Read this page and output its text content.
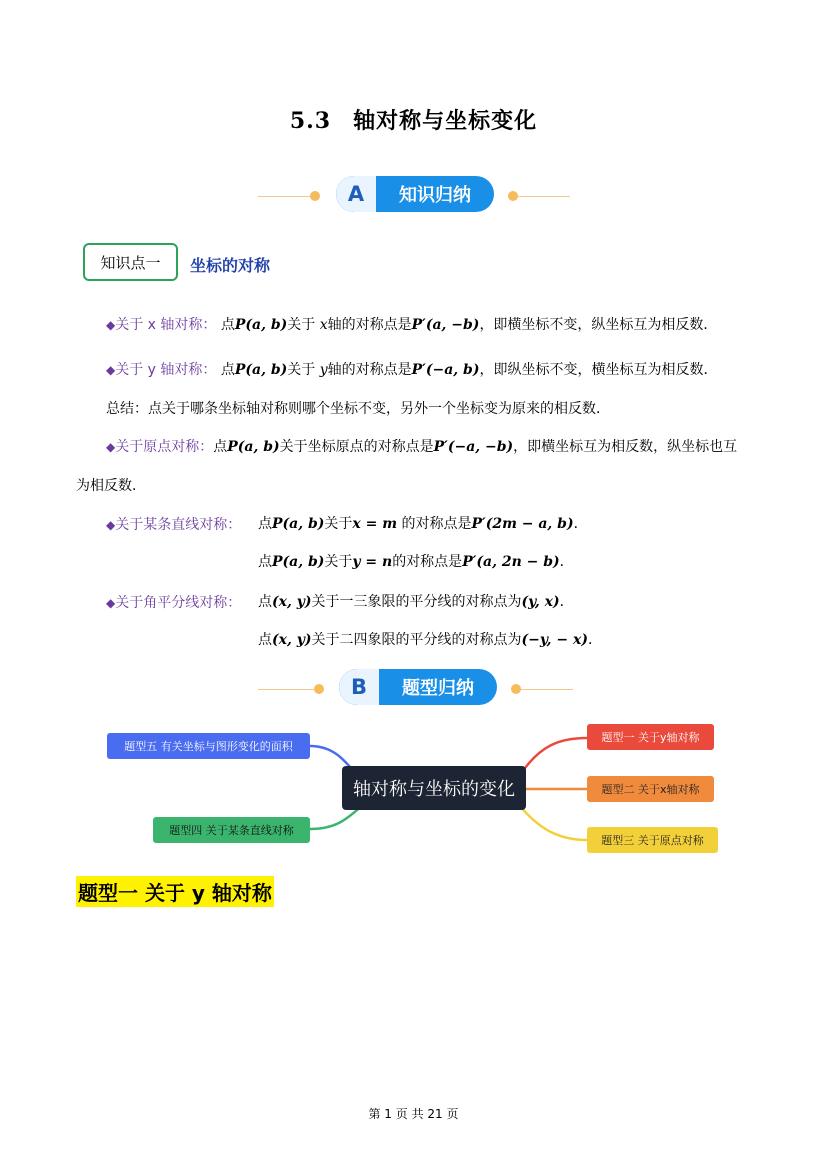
5.3 轴对称与坐标变化
A	知识归纳
知识点一	坐标的对称
◆关于 x 轴对称： 点P(a, b)关于 x轴的对称点是P′(a, −b)，即横坐标不变，纵坐标互为相反数．
◆关于 y 轴对称： 点P(a, b)关于 y轴的对称点是P′(−a, b)，即纵坐标不变，横坐标互为相反数．
总结：点关于哪条坐标轴对称则哪个坐标不变，另外一个坐标变为原来的相反数．
◆关于原点对称：点P(a, b)关于坐标原点的对称点是P′(−a, −b)，即横坐标互为相反数，纵坐标也互
为相反数．
◆关于某条直线对称： 点P(a, b)关于x = m 的对称点是P′(2m − a, b)．
点P(a, b)关于y = n的对称点是P′(a, 2n − b)．
◆关于角平分线对称： 点(x, y)关于一三象限的平分线的对称点为(y, x)．
点(x, y)关于二四象限的平分线的对称点为(−y, − x)．
B	题型归纳
轴对称与坐标的变化
题型五 有关坐标与图形变化的面积
题型四 关于某条直线对称
题型一 关于y轴对称
题型二 关于x轴对称
题型三 关于原点对称
题型一 关于 y 轴对称
第 1 页 共 21 页
